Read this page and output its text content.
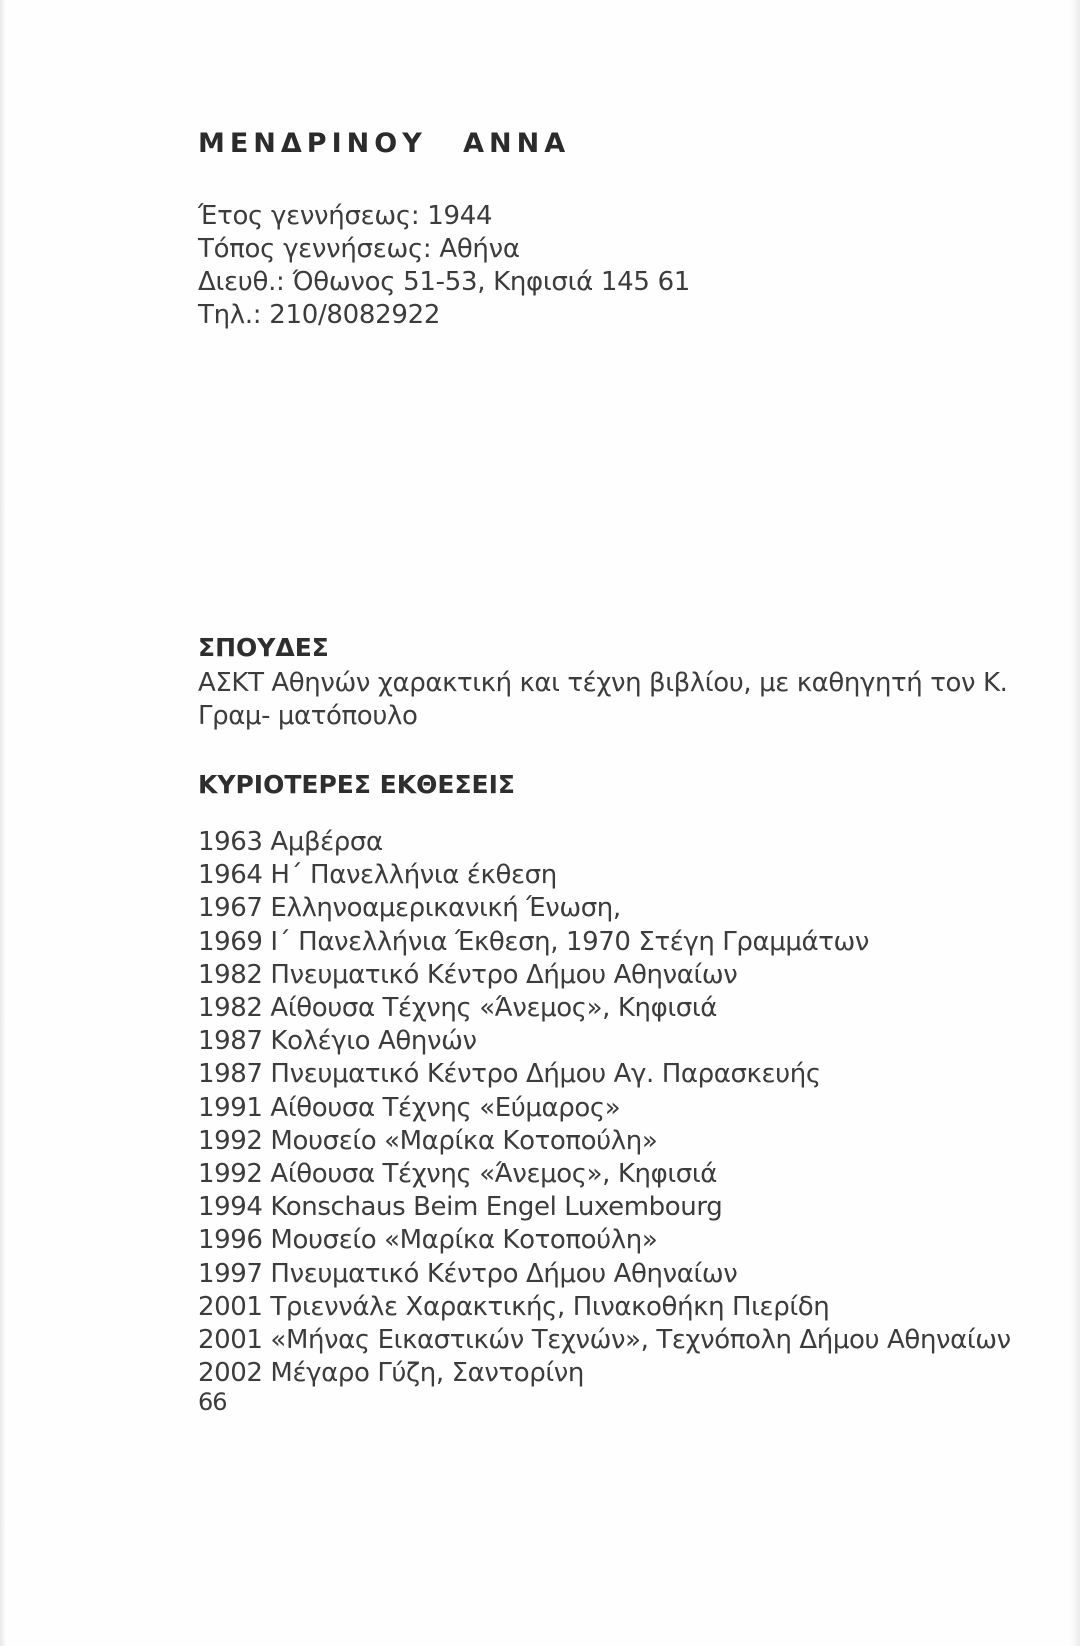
ΜΕΝΔΡΙΝΟΥ ΑΝΝΑ
Έτος γεννήσεως: 1944
Τόπος γεννήσεως: Αθήνα
Διευθ.: Όθωνος 51-53, Κηφισιά 145 61
Τηλ.: 210/8082922
ΣΠΟΥΔΕΣ
ΑΣΚΤ Αθηνών χαρακτική και τέχνη βιβλίου, με καθηγητή τον Κ. Γραμ- ματόπουλο
ΚΥΡΙΟΤΕΡΕΣ ΕΚΘΕΣΕΙΣ
1963 Αμβέρσα
1964 Η΄ Πανελλήνια έκθεση
1967 Ελληνοαμερικανική Ένωση,
1969 Ι΄ Πανελλήνια Έκθεση, 1970 Στέγη Γραμμάτων
1982 Πνευματικό Κέντρο Δήμου Αθηναίων
1982 Αίθουσα Τέχνης «Άνεμος», Κηφισιά
1987 Κολέγιο Αθηνών
1987 Πνευματικό Κέντρο Δήμου Αγ. Παρασκευής
1991 Αίθουσα Τέχνης «Εύμαρος»
1992 Μουσείο «Μαρίκα Κοτοπούλη»
1992 Αίθουσα Τέχνης «Άνεμος», Κηφισιά
1994 Konschaus Beim Engel Luxembourg
1996 Μουσείο «Μαρίκα Κοτοπούλη»
1997 Πνευματικό Κέντρο Δήμου Αθηναίων
2001 Τριεννάλε Χαρακτικής, Πινακοθήκη Πιερίδη
2001 «Μήνας Εικαστικών Τεχνών», Τεχνόπολη Δήμου Αθηναίων
2002 Μέγαρο Γύζη, Σαντορίνη
66
